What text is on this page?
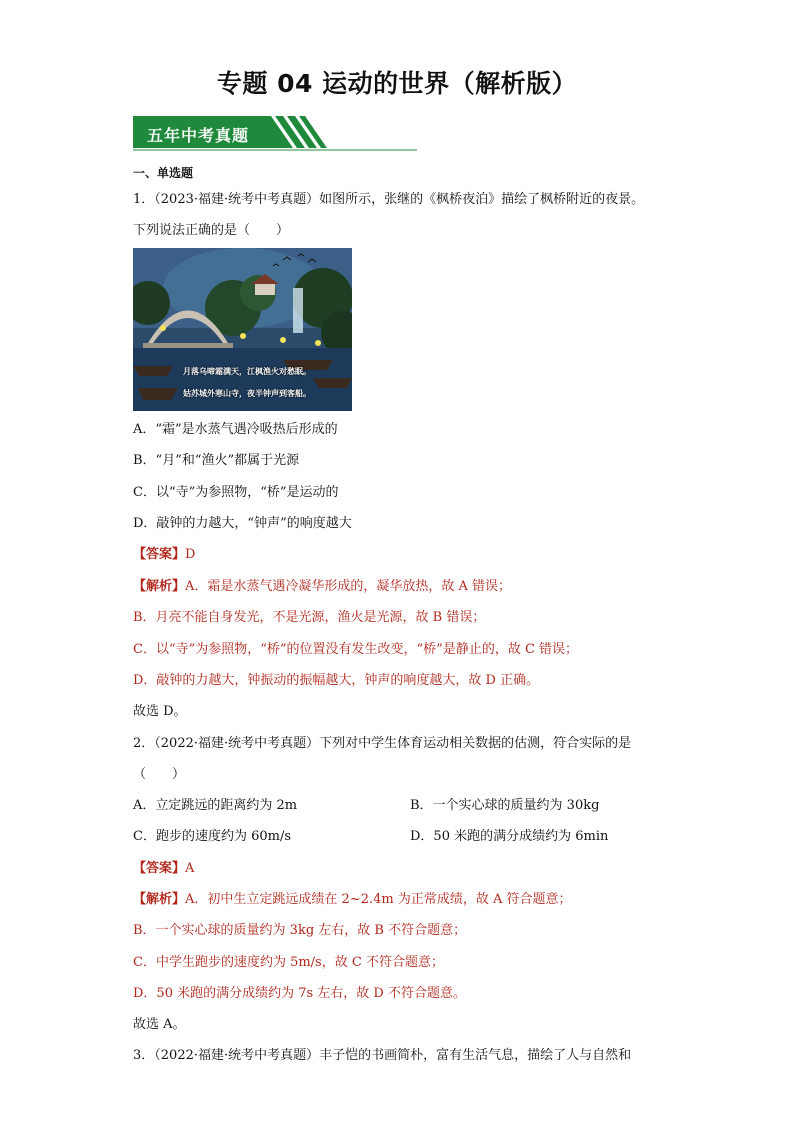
专题 04 运动的世界（解析版）
五年中考真题
一、单选题
1．（2023·福建·统考中考真题）如图所示，张继的《枫桥夜泊》描绘了枫桥附近的夜景。
下列说法正确的是（　　）
月落乌啼霜满天，江枫渔火对愁眠。
姑苏城外寒山寺，夜半钟声到客船。
A．“霜”是水蒸气遇冷吸热后形成的
B．“月”和“渔火”都属于光源
C．以“寺”为参照物，“桥”是运动的
D．敲钟的力越大，“钟声”的响度越大
【答案】D
【解析】A．霜是水蒸气遇冷凝华形成的，凝华放热，故 A 错误；
B．月亮不能自身发光，不是光源，渔火是光源，故 B 错误；
C．以“寺”为参照物，“桥”的位置没有发生改变，“桥”是静止的，故 C 错误；
D．敲钟的力越大，钟振动的振幅越大，钟声的响度越大，故 D 正确。
故选 D。
2．（2022·福建·统考中考真题）下列对中学生体育运动相关数据的估测，符合实际的是
（　　）
A．立定跳远的距离约为 2m	B．一个实心球的质量约为 30kg
C．跑步的速度约为 60m/s	D．50 米跑的满分成绩约为 6min
【答案】A
【解析】A．初中生立定跳远成绩在 2~2.4m 为正常成绩，故 A 符合题意；
B．一个实心球的质量约为 3kg 左右，故 B 不符合题意；
C．中学生跑步的速度约为 5m/s，故 C 不符合题意；
D．50 米跑的满分成绩约为 7s 左右，故 D 不符合题意。
故选 A。
3．（2022·福建·统考中考真题）丰子恺的书画简朴，富有生活气息，描绘了人与自然和
